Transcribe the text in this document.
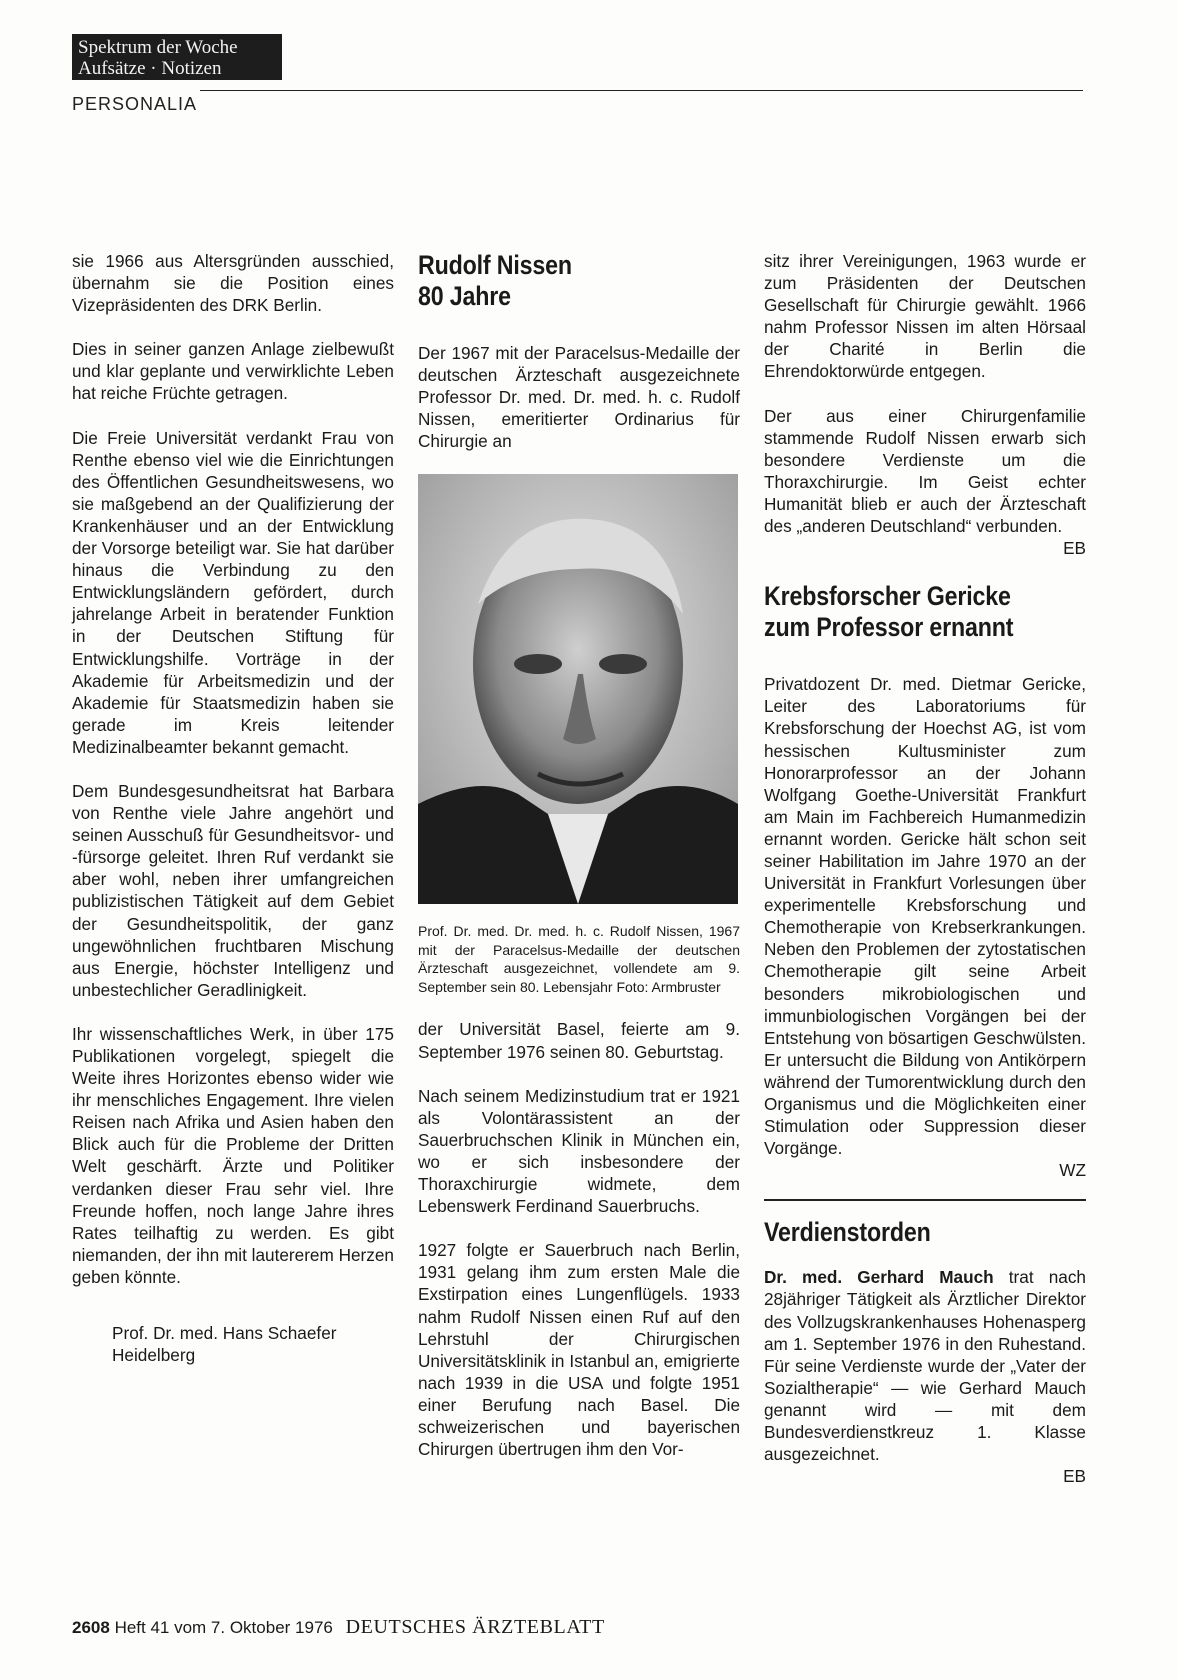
Spektrum der Woche
Aufsätze · Notizen
PERSONALIA

sie 1966 aus Altersgründen ausschied, übernahm sie die Position eines Vizepräsidenten des DRK Berlin.

Dies in seiner ganzen Anlage zielbewußt und klar geplante und verwirklichte Leben hat reiche Früchte getragen.

Die Freie Universität verdankt Frau von Renthe ebenso viel wie die Einrichtungen des Öffentlichen Gesundheitswesens, wo sie maßgebend an der Qualifizierung der Krankenhäuser und an der Entwicklung der Vorsorge beteiligt war. Sie hat darüber hinaus die Verbindung zu den Entwicklungsländern gefördert, durch jahrelange Arbeit in beratender Funktion in der Deutschen Stiftung für Entwicklungshilfe. Vorträge in der Akademie für Arbeitsmedizin und der Akademie für Staatsmedizin haben sie gerade im Kreis leitender Medizinalbeamter bekannt gemacht.

Dem Bundesgesundheitsrat hat Barbara von Renthe viele Jahre angehört und seinen Ausschuß für Gesundheitsvor- und -fürsorge geleitet. Ihren Ruf verdankt sie aber wohl, neben ihrer umfangreichen publizistischen Tätigkeit auf dem Gebiet der Gesundheitspolitik, der ganz ungewöhnlichen fruchtbaren Mischung aus Energie, höchster Intelligenz und unbestechlicher Geradlinigkeit.

Ihr wissenschaftliches Werk, in über 175 Publikationen vorgelegt, spiegelt die Weite ihres Horizontes ebenso wider wie ihr menschliches Engagement. Ihre vielen Reisen nach Afrika und Asien haben den Blick auch für die Probleme der Dritten Welt geschärft. Ärzte und Politiker verdanken dieser Frau sehr viel. Ihre Freunde hoffen, noch lange Jahre ihres Rates teilhaftig zu werden. Es gibt niemanden, der ihn mit lautererem Herzen geben könnte.

Prof. Dr. med. Hans Schaefer
Heidelberg
Rudolf Nissen
80 Jahre

Der 1967 mit der Paracelsus-Medaille der deutschen Ärzteschaft ausgezeichnete Professor Dr. med. Dr. med. h. c. Rudolf Nissen, emeritierter Ordinarius für Chirurgie an

Prof. Dr. med. Dr. med. h. c. Rudolf Nissen, 1967 mit der Paracelsus-Medaille der deutschen Ärzteschaft ausgezeichnet, vollendete am 9. September sein 80. Lebensjahr Foto: Armbruster

der Universität Basel, feierte am 9. September 1976 seinen 80. Geburtstag.

Nach seinem Medizinstudium trat er 1921 als Volontärassistent an der Sauerbruchschen Klinik in München ein, wo er sich insbesondere der Thoraxchirurgie widmete, dem Lebenswerk Ferdinand Sauerbruchs.

1927 folgte er Sauerbruch nach Berlin, 1931 gelang ihm zum ersten Male die Exstirpation eines Lungenflügels. 1933 nahm Rudolf Nissen einen Ruf auf den Lehrstuhl der Chirurgischen Universitätsklinik in Istanbul an, emigrierte nach 1939 in die USA und folgte 1951 einer Berufung nach Basel. Die schweizerischen und bayerischen Chirurgen übertrugen ihm den Vor-

sitz ihrer Vereinigungen, 1963 wurde er zum Präsidenten der Deutschen Gesellschaft für Chirurgie gewählt. 1966 nahm Professor Nissen im alten Hörsaal der Charité in Berlin die Ehrendoktorwürde entgegen.

Der aus einer Chirurgenfamilie stammende Rudolf Nissen erwarb sich besondere Verdienste um die Thoraxchirurgie. Im Geist echter Humanität blieb er auch der Ärzteschaft des „anderen Deutschland“ verbunden.

EB
Krebsforscher Gericke
zum Professor ernannt

Privatdozent Dr. med. Dietmar Gericke, Leiter des Laboratoriums für Krebsforschung der Hoechst AG, ist vom hessischen Kultusminister zum Honorarprofessor an der Johann Wolfgang Goethe-Universität Frankfurt am Main im Fachbereich Humanmedizin ernannt worden. Gericke hält schon seit seiner Habilitation im Jahre 1970 an der Universität in Frankfurt Vorlesungen über experimentelle Krebsforschung und Chemotherapie von Krebserkrankungen. Neben den Problemen der zytostatischen Chemotherapie gilt seine Arbeit besonders mikrobiologischen und immunbiologischen Vorgängen bei der Entstehung von bösartigen Geschwülsten. Er untersucht die Bildung von Antikörpern während der Tumorentwicklung durch den Organismus und die Möglichkeiten einer Stimulation oder Suppression dieser Vorgänge.

WZ
Verdienstorden

Dr. med. Gerhard Mauch trat nach 28jähriger Tätigkeit als Ärztlicher Direktor des Vollzugskrankenhauses Hohenasperg am 1. September 1976 in den Ruhestand. Für seine Verdienste wurde der „Vater der Sozialtherapie“ — wie Gerhard Mauch genannt wird — mit dem Bundesverdienstkreuz 1. Klasse ausgezeichnet.

EB
2608 Heft 41 vom 7. Oktober 1976 DEUTSCHES ÄRZTEBLATT
